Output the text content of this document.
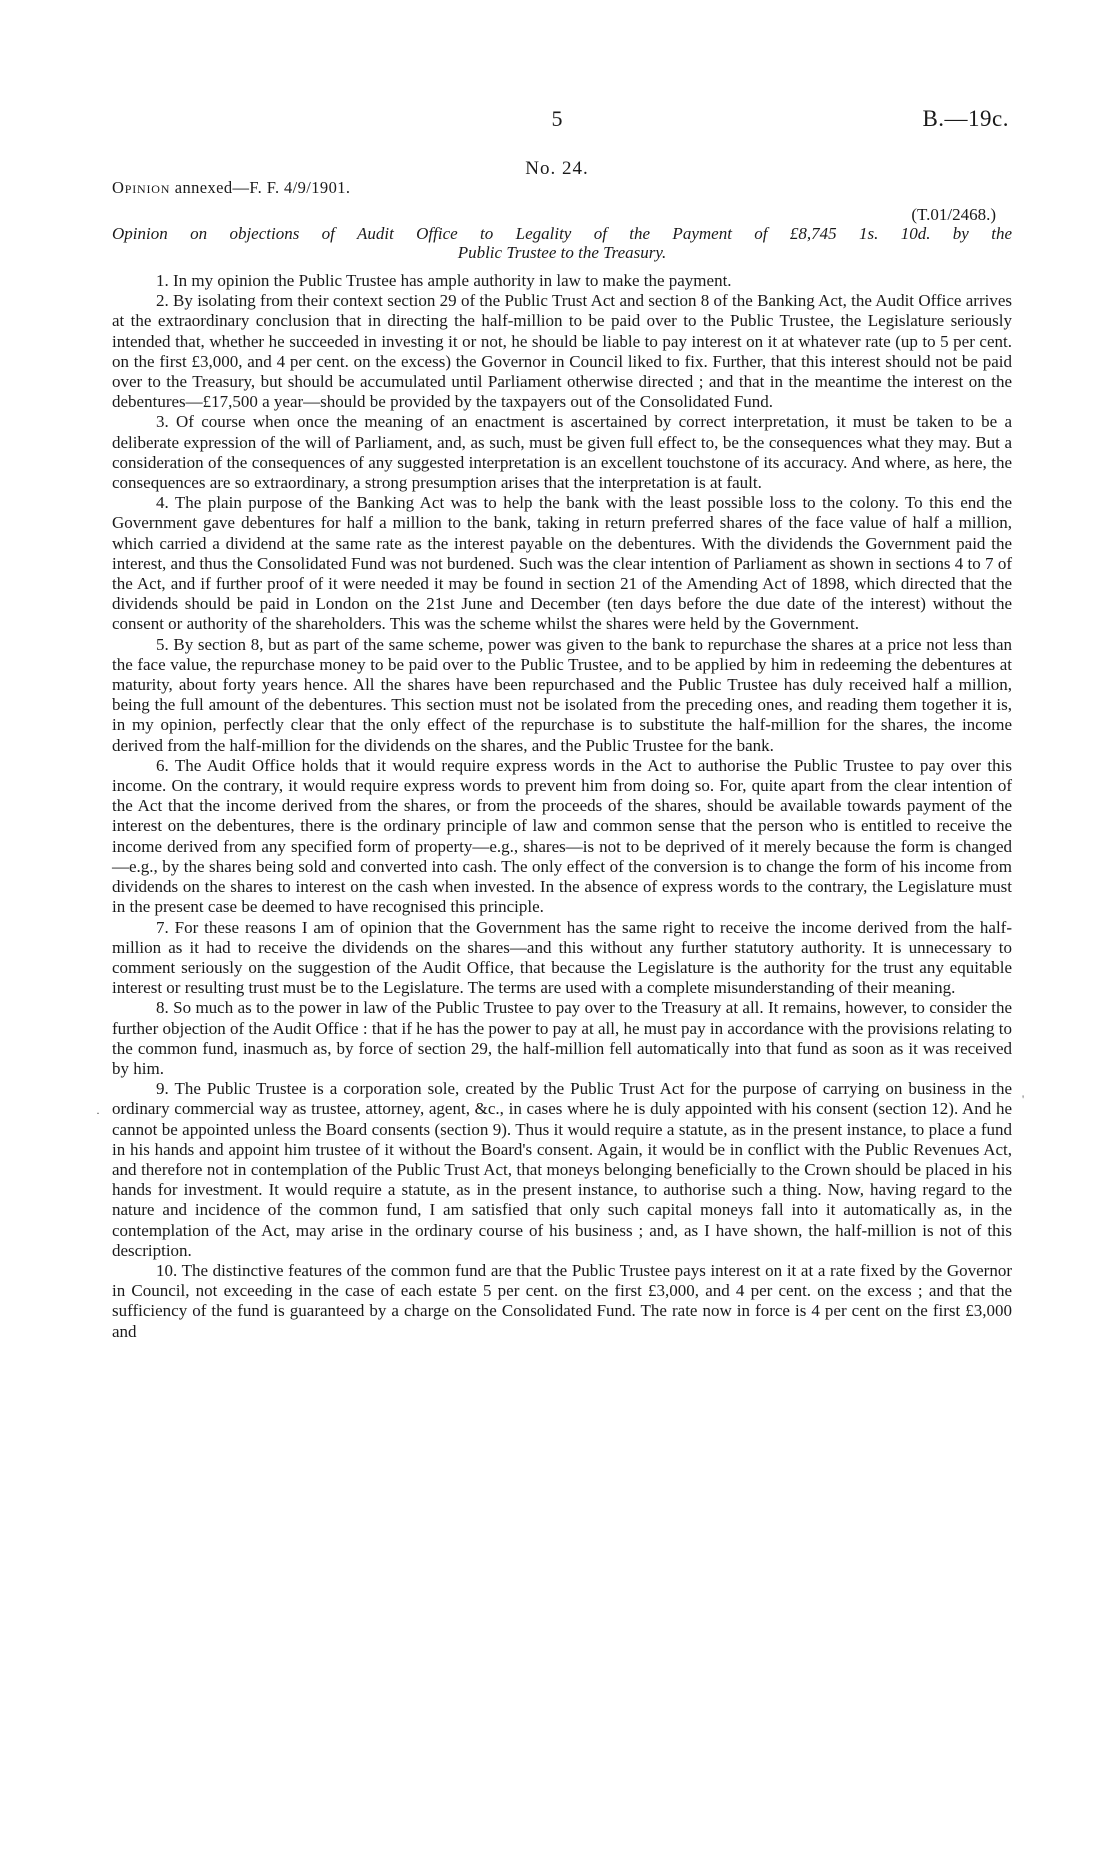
5	B.—19c.
No. 24.
Opinion annexed—F. F. 4/9/1901.
(T.01/2468.)
Opinion on objections of Audit Office to Legality of the Payment of £8,745 1s. 10d. by the
Public Trustee to the Treasury.

1. In my opinion the Public Trustee has ample authority in law to make the payment.

2. By isolating from their context section 29 of the Public Trust Act and section 8 of the Banking Act, the Audit Office arrives at the extraordinary conclusion that in directing the half-million to be paid over to the Public Trustee, the Legislature seriously intended that, whether he succeeded in investing it or not, he should be liable to pay interest on it at whatever rate (up to 5 per cent. on the first £3,000, and 4 per cent. on the excess) the Governor in Council liked to fix. Further, that this interest should not be paid over to the Treasury, but should be accumulated until Parliament otherwise directed ; and that in the meantime the interest on the debentures—£17,500 a year—should be provided by the taxpayers out of the Consolidated Fund.

3. Of course when once the meaning of an enactment is ascertained by correct interpretation, it must be taken to be a deliberate expression of the will of Parliament, and, as such, must be given full effect to, be the consequences what they may. But a consideration of the consequences of any suggested interpretation is an excellent touchstone of its accuracy. And where, as here, the consequences are so extraordinary, a strong presumption arises that the interpretation is at fault.

4. The plain purpose of the Banking Act was to help the bank with the least possible loss to the colony. To this end the Government gave debentures for half a million to the bank, taking in return preferred shares of the face value of half a million, which carried a dividend at the same rate as the interest payable on the debentures. With the dividends the Government paid the interest, and thus the Consolidated Fund was not burdened. Such was the clear intention of Parliament as shown in sections 4 to 7 of the Act, and if further proof of it were needed it may be found in section 21 of the Amending Act of 1898, which directed that the dividends should be paid in London on the 21st June and December (ten days before the due date of the interest) without the consent or authority of the shareholders. This was the scheme whilst the shares were held by the Government.

5. By section 8, but as part of the same scheme, power was given to the bank to repurchase the shares at a price not less than the face value, the repurchase money to be paid over to the Public Trustee, and to be applied by him in redeeming the debentures at maturity, about forty years hence. All the shares have been repurchased and the Public Trustee has duly received half a million, being the full amount of the debentures. This section must not be isolated from the preceding ones, and reading them together it is, in my opinion, perfectly clear that the only effect of the repurchase is to substitute the half-million for the shares, the income derived from the half-million for the dividends on the shares, and the Public Trustee for the bank.

6. The Audit Office holds that it would require express words in the Act to authorise the Public Trustee to pay over this income. On the contrary, it would require express words to prevent him from doing so. For, quite apart from the clear intention of the Act that the income derived from the shares, or from the proceeds of the shares, should be available towards payment of the interest on the debentures, there is the ordinary principle of law and common sense that the person who is entitled to receive the income derived from any specified form of property—e.g., shares—is not to be deprived of it merely because the form is changed—e.g., by the shares being sold and converted into cash. The only effect of the conversion is to change the form of his income from dividends on the shares to interest on the cash when invested. In the absence of express words to the contrary, the Legislature must in the present case be deemed to have recognised this principle.

7. For these reasons I am of opinion that the Government has the same right to receive the income derived from the half-million as it had to receive the dividends on the shares—and this without any further statutory authority. It is unnecessary to comment seriously on the suggestion of the Audit Office, that because the Legislature is the authority for the trust any equitable interest or resulting trust must be to the Legislature. The terms are used with a complete misunderstanding of their meaning.

8. So much as to the power in law of the Public Trustee to pay over to the Treasury at all. It remains, however, to consider the further objection of the Audit Office : that if he has the power to pay at all, he must pay in accordance with the provisions relating to the common fund, inasmuch as, by force of section 29, the half-million fell automatically into that fund as soon as it was received by him.

9. The Public Trustee is a corporation sole, created by the Public Trust Act for the purpose of carrying on business in the ordinary commercial way as trustee, attorney, agent, &c., in cases where he is duly appointed with his consent (section 12). And he cannot be appointed unless the Board consents (section 9). Thus it would require a statute, as in the present instance, to place a fund in his hands and appoint him trustee of it without the Board's consent. Again, it would be in conflict with the Public Revenues Act, and therefore not in contemplation of the Public Trust Act, that moneys belonging beneficially to the Crown should be placed in his hands for investment. It would require a statute, as in the present instance, to authorise such a thing. Now, having regard to the nature and incidence of the common fund, I am satisfied that only such capital moneys fall into it automatically as, in the contemplation of the Act, may arise in the ordinary course of his business ; and, as I have shown, the half-million is not of this description.

10. The distinctive features of the common fund are that the Public Trustee pays interest on it at a rate fixed by the Governor in Council, not exceeding in the case of each estate 5 per cent. on the first £3,000, and 4 per cent. on the excess ; and that the sufficiency of the fund is guaranteed by a charge on the Consolidated Fund. The rate now in force is 4 per cent on the first £3,000 and

·
'
